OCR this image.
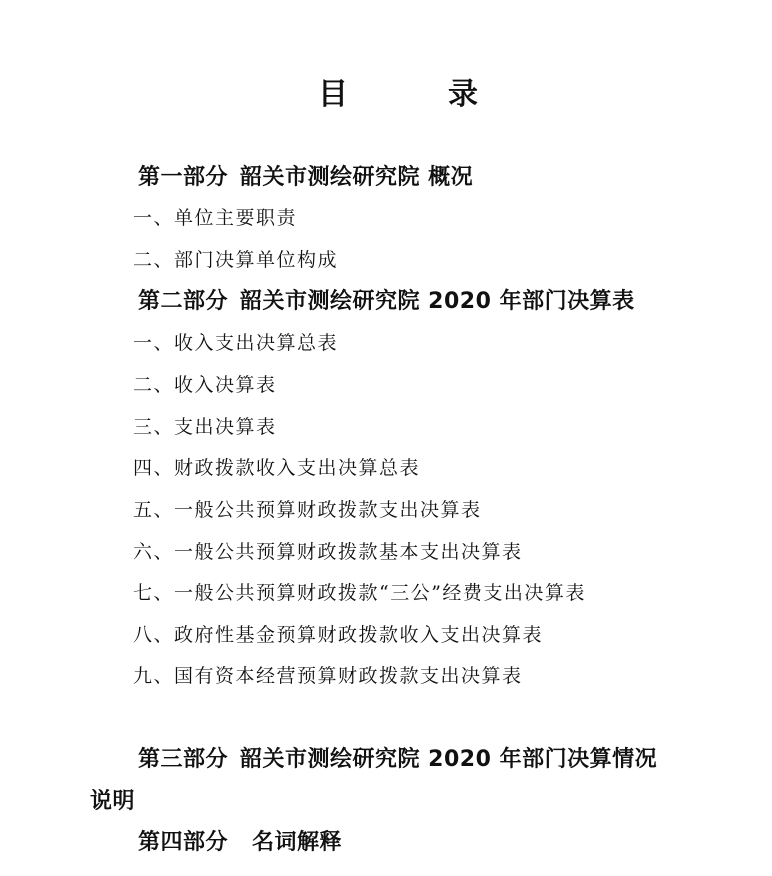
目	录
第一部分 韶关市测绘研究院 概况
一、单位主要职责
二、部门决算单位构成
第二部分 韶关市测绘研究院 2020 年部门决算表
一、收入支出决算总表
二、收入决算表
三、支出决算表
四、财政拨款收入支出决算总表
五、一般公共预算财政拨款支出决算表
六、一般公共预算财政拨款基本支出决算表
七、一般公共预算财政拨款“三公”经费支出决算表
八、政府性基金预算财政拨款收入支出决算表
九、国有资本经营预算财政拨款支出决算表
第三部分 韶关市测绘研究院 2020 年部门决算情况
说明
第四部分 名词解释
